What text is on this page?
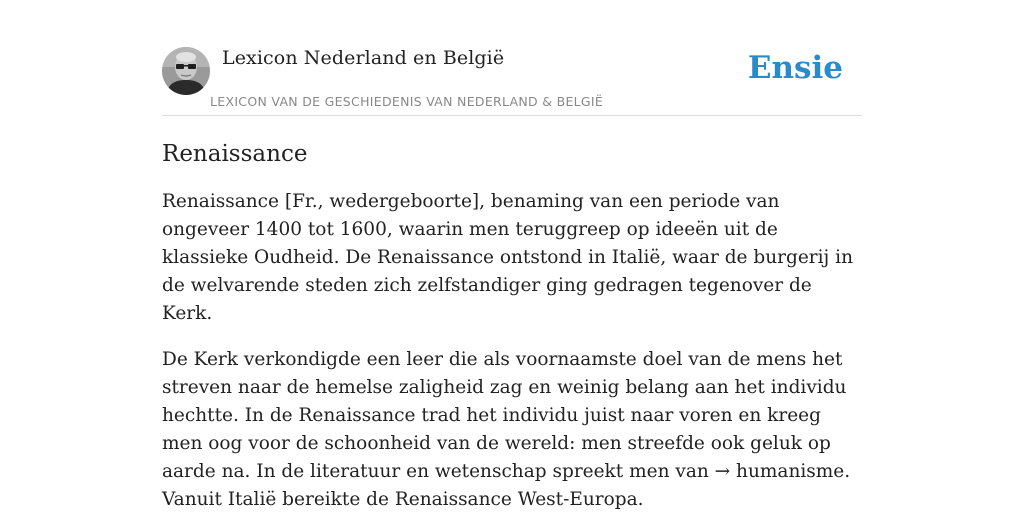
Lexicon Nederland en België
LEXICON VAN DE GESCHIEDENIS VAN NEDERLAND & BELGIË
Ensie
Renaissance

Renaissance [Fr., wedergeboorte], benaming van een periode van ongeveer 1400 tot 1600, waarin men teruggreep op ideeën uit de klassieke Oudheid. De Renaissance ontstond in Italië, waar de burgerij in de welvarende steden zich zelfstandiger ging gedragen tegenover de Kerk.

De Kerk verkondigde een leer die als voornaamste doel van de mens het streven naar de hemelse zaligheid zag en weinig belang aan het individu hechtte. In de Renaissance trad het individu juist naar voren en kreeg men oog voor de schoonheid van de wereld: men streefde ook geluk op aarde na. In de literatuur en wetenschap spreekt men van → humanisme. Vanuit Italië bereikte de Renaissance West-Europa.
